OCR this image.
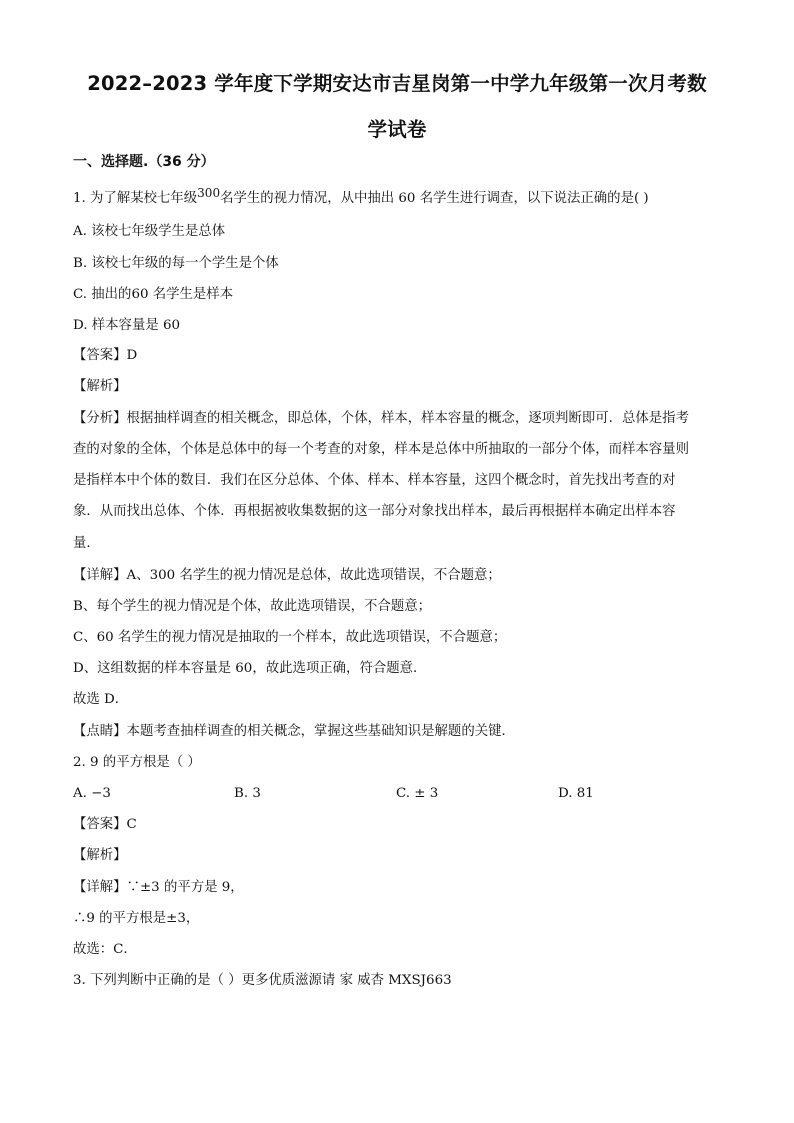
2022–2023 学年度下学期安达市吉星岗第一中学九年级第一次月考数
学试卷
一、选择题.（36 分）
1. 为了解某校七年级300名学生的视力情况，从中抽出 60 名学生进行调查，以下说法正确的是( )
A. 该校七年级学生是总体
B. 该校七年级的每一个学生是个体
C. 抽出的60 名学生是样本
D. 样本容量是 60
【答案】D
【解析】
【分析】根据抽样调查的相关概念，即总体，个体，样本，样本容量的概念，逐项判断即可．总体是指考
查的对象的全体，个体是总体中的每一个考查的对象，样本是总体中所抽取的一部分个体，而样本容量则
是指样本中个体的数目．我们在区分总体、个体、样本、样本容量，这四个概念时，首先找出考查的对
象．从而找出总体、个体．再根据被收集数据的这一部分对象找出样本，最后再根据样本确定出样本容
量．
【详解】A、300 名学生的视力情况是总体，故此选项错误，不合题意；
B、每个学生的视力情况是个体，故此选项错误，不合题意；
C、60 名学生的视力情况是抽取的一个样本，故此选项错误，不合题意；
D、这组数据的样本容量是 60，故此选项正确，符合题意．
故选 D．
【点睛】本题考查抽样调查的相关概念，掌握这些基础知识是解题的关键．
2. 9 的平方根是（ ）
A. −3	B. 3	C. ± 3	D. 81
【答案】C
【解析】
【详解】∵±3 的平方是 9，
∴9 的平方根是±3，
故选：C．
3. 下列判断中正确的是（ ）更多优质滋源请 家 威杏 MXSJ663
